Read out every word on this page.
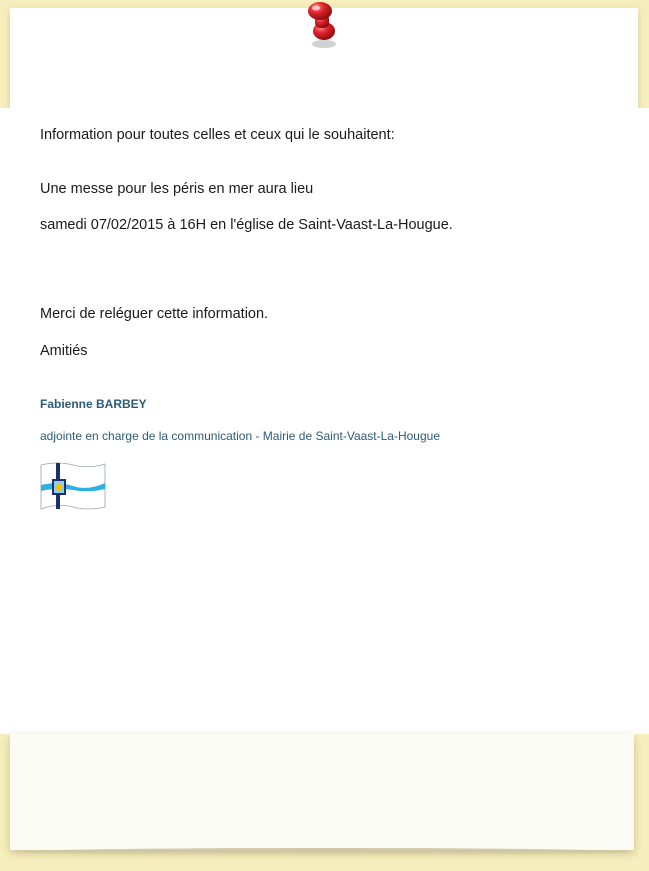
Information pour toutes celles et ceux qui le souhaitent:
Une messe pour les péris en mer aura lieu
samedi 07/02/2015 à 16H en l'église de Saint-Vaast-La-Hougue.
Merci de reléguer cette information.
Amitiés
Fabienne BARBEY
adjointe en charge de la communication - Mairie de Saint-Vaast-La-Hougue
